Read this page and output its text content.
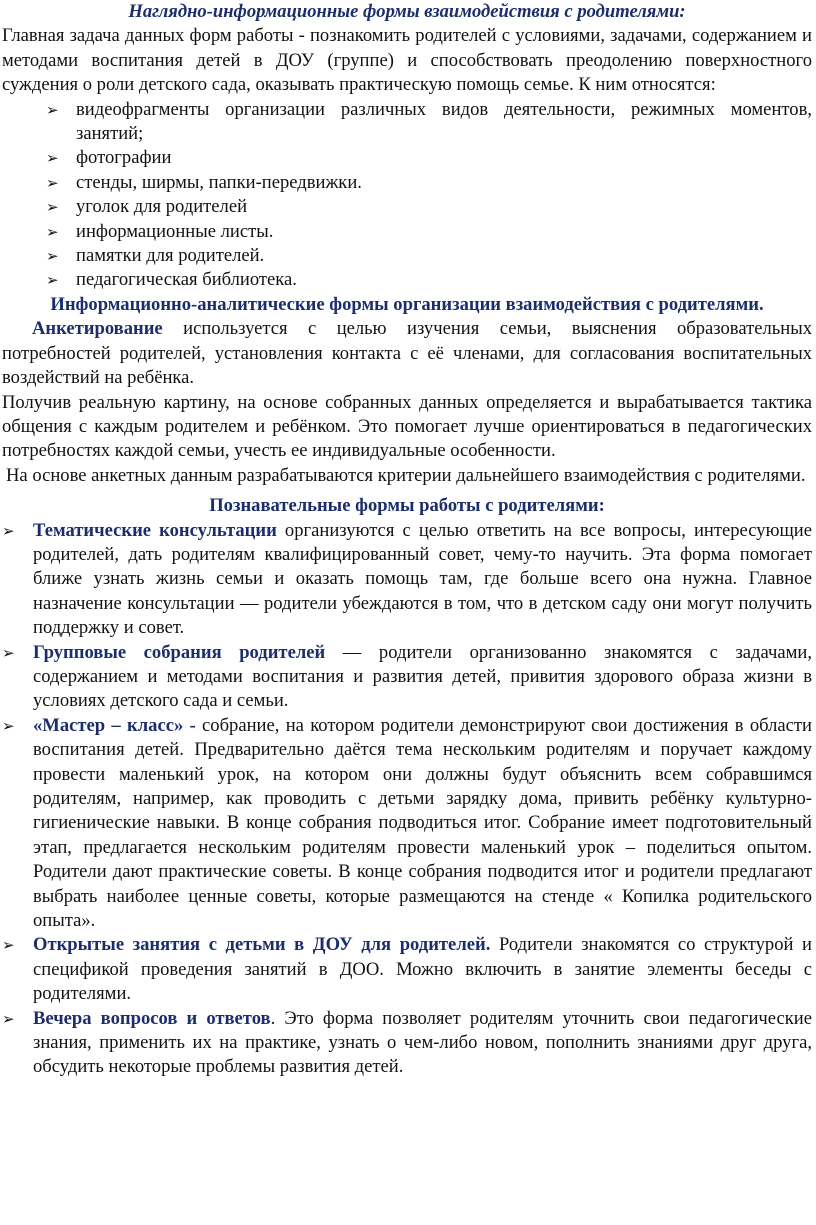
Наглядно-информационные формы взаимодействия с родителями:

Главная задача данных форм работы - познакомить родителей с условиями, задачами, содержанием и методами воспитания детей в ДОУ (группе) и способствовать преодолению поверхностного суждения о роли детского сада, оказывать практическую помощь семье. К ним относятся:

➢ видеофрагменты организации различных видов деятельности, режимных моментов, занятий;
➢ фотографии
➢ стенды, ширмы, папки-передвижки.
➢ уголок для родителей
➢ информационные листы.
➢ памятки для родителей.
➢ педагогическая библиотека.
Информационно-аналитические формы организации взаимодействия с родителями.

Анкетирование используется с целью изучения семьи, выяснения образовательных потребностей родителей, установления контакта с её членами, для согласования воспитательных воздействий на ребёнка.

Получив реальную картину, на основе собранных данных определяется и вырабатывается тактика общения с каждым родителем и ребёнком. Это помогает лучше ориентироваться в педагогических потребностях каждой семьи, учесть ее индивидуальные особенности.

На основе анкетных данным разрабатываются критерии дальнейшего взаимодействия с родителями.

Познавательные формы работы с родителями:
➢ Тематические консультации организуются с целью ответить на все вопросы, интересующие родителей, дать родителям квалифицированный совет, чему-то научить. Эта форма помогает ближе узнать жизнь семьи и оказать помощь там, где больше всего она нужна. Главное назначение консультации — родители убеждаются в том, что в детском саду они могут получить поддержку и совет.
➢ Групповые собрания родителей — родители организованно знакомятся с задачами, содержанием и методами воспитания и развития детей, привития здорового образа жизни в условиях детского сада и семьи.
➢ «Мастер – класс» - собрание, на котором родители демонстрируют свои достижения в области воспитания детей. Предварительно даётся тема нескольким родителям и поручает каждому провести маленький урок, на котором они должны будут объяснить всем собравшимся родителям, например, как проводить с детьми зарядку дома, привить ребёнку культурно-гигиенические навыки. В конце собрания подводиться итог. Собрание имеет подготовительный этап, предлагается нескольким родителям провести маленький урок – поделиться опытом. Родители дают практические советы. В конце собрания подводится итог и родители предлагают выбрать наиболее ценные советы, которые размещаются на стенде « Копилка родительского опыта».
➢ Открытые занятия с детьми в ДОУ для родителей. Родители знакомятся со структурой и спецификой проведения занятий в ДОО. Можно включить в занятие элементы беседы с родителями.
➢ Вечера вопросов и ответов. Это форма позволяет родителям уточнить свои педагогические знания, применить их на практике, узнать о чем-либо новом, пополнить знаниями друг друга, обсудить некоторые проблемы развития детей.
